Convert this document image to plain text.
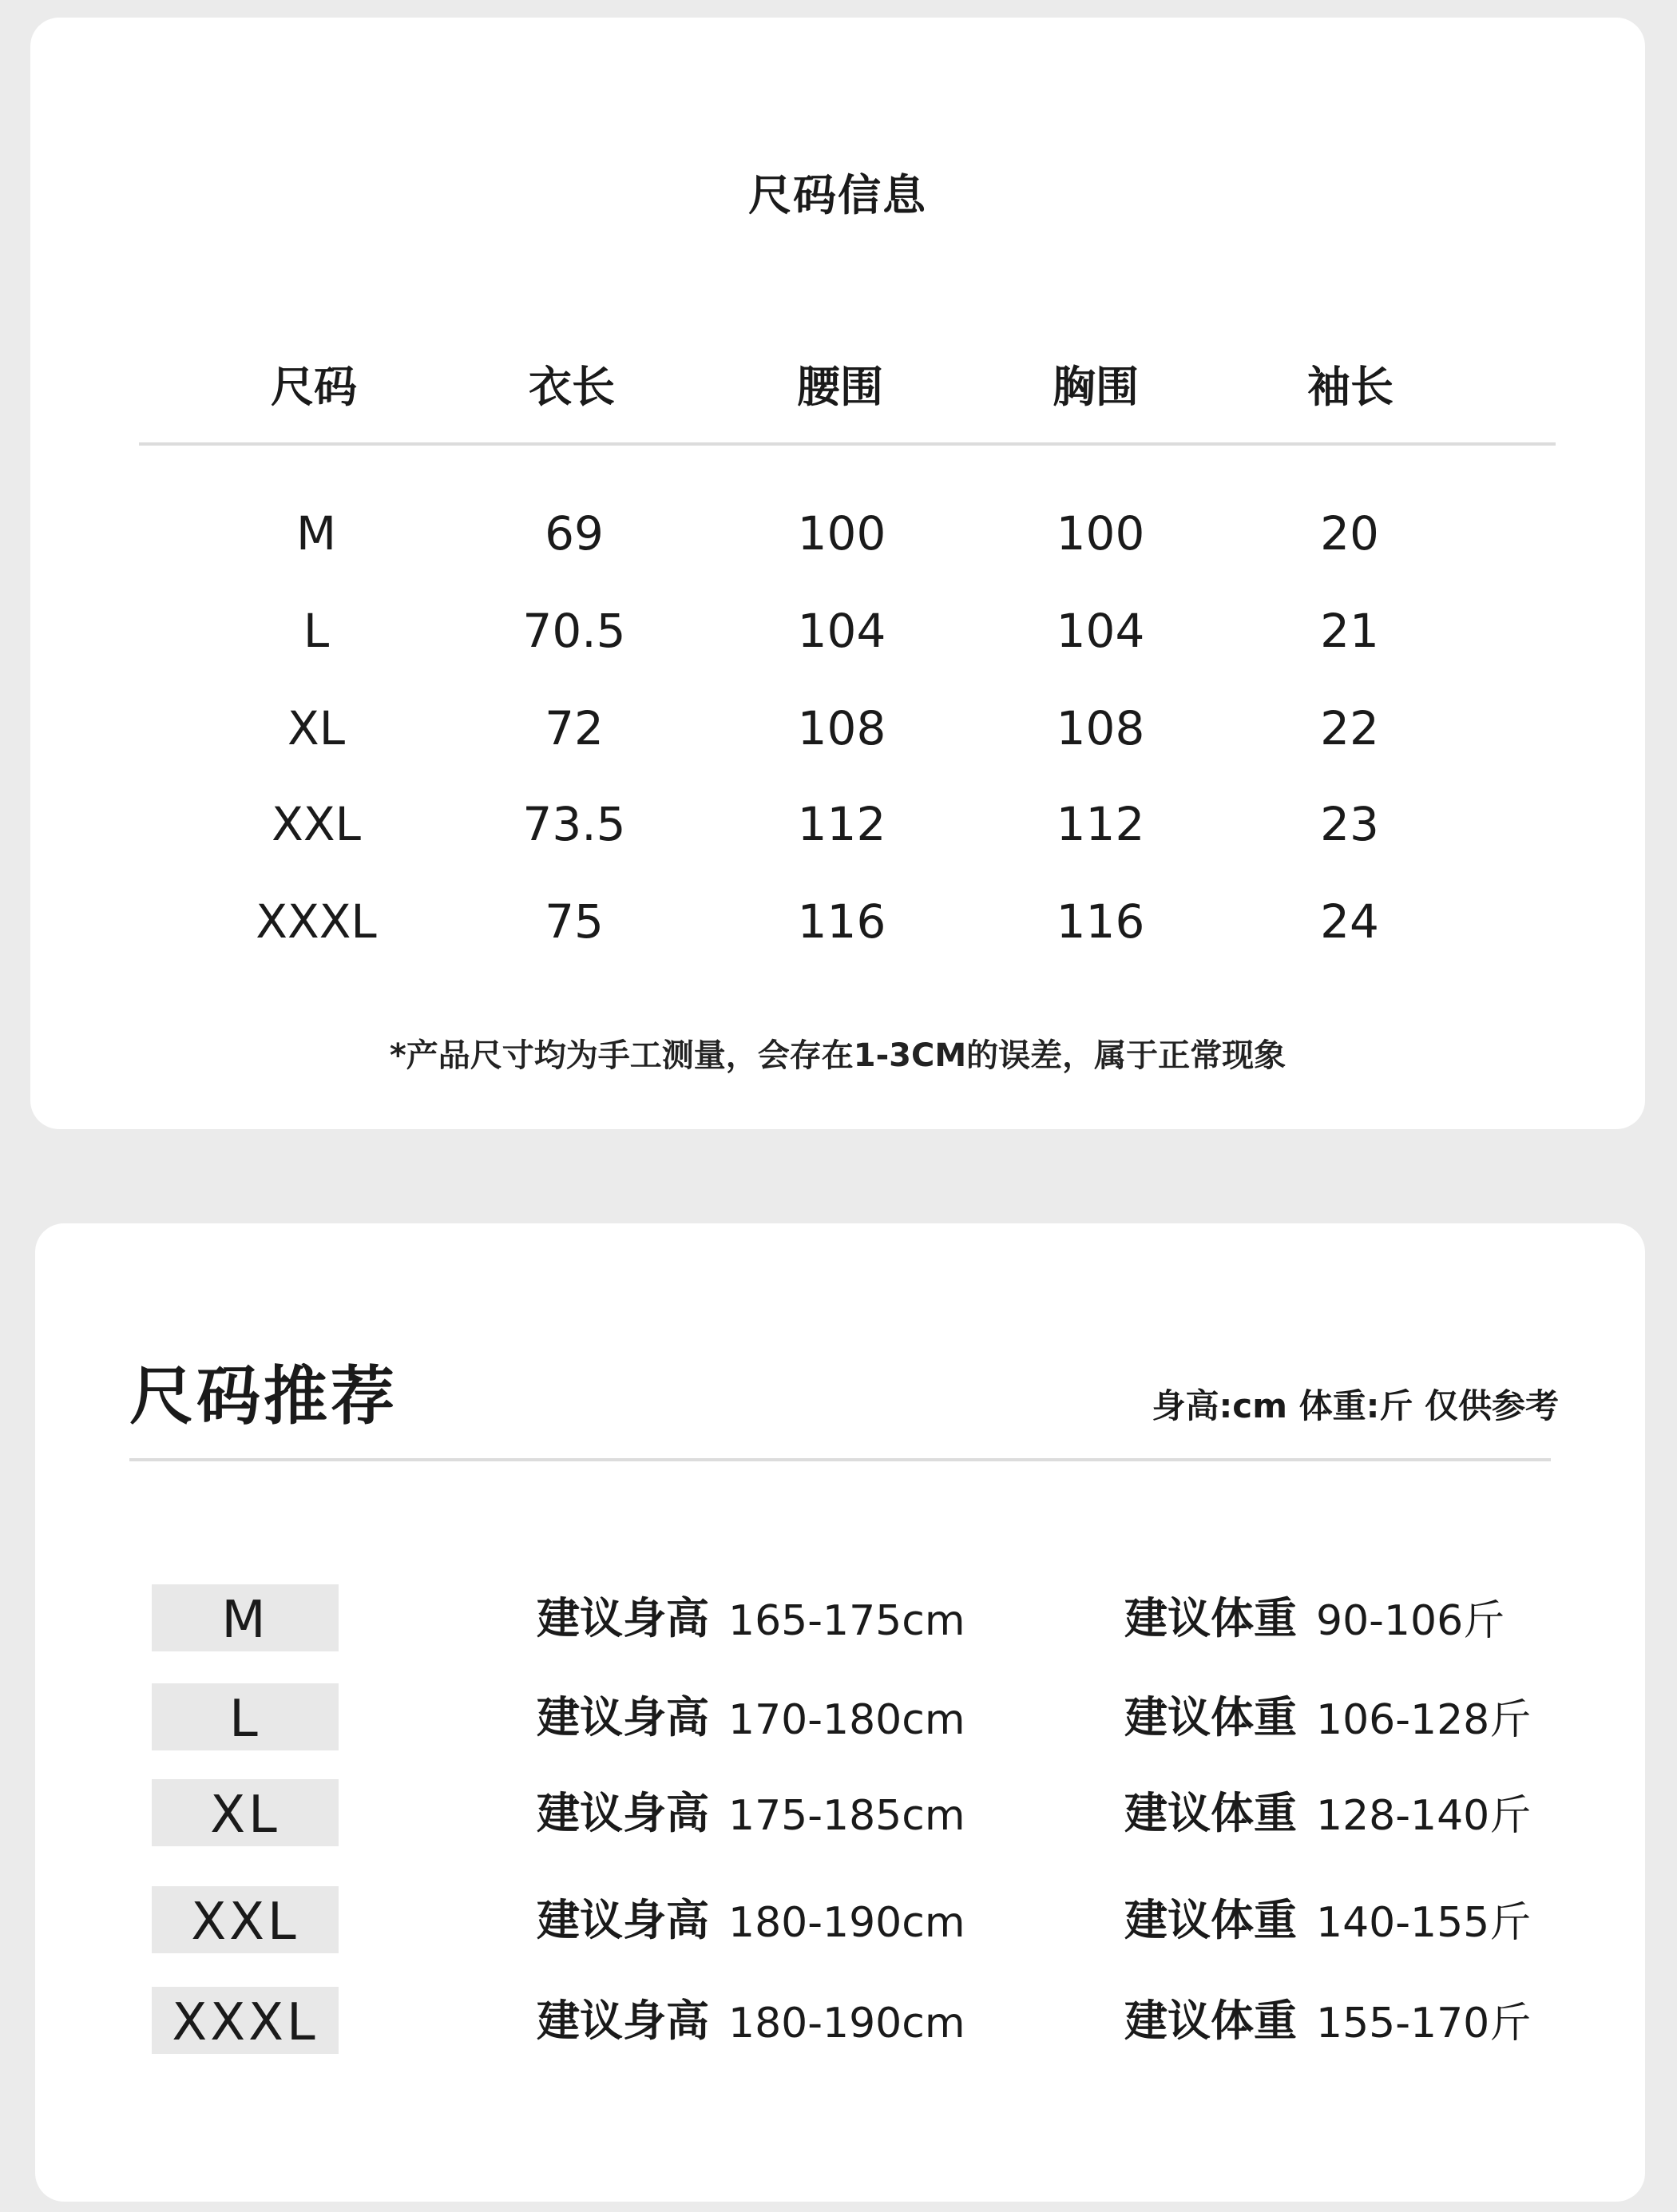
尺码信息
尺码	衣长	腰围	胸围	袖长
M	69	100	100	20
L	70.5	104	104	21
XL	72	108	108	22
XXL	73.5	112	112	23
XXXL	75	116	116	24
*产品尺寸均为手工测量，会存在1-3CM的误差，属于正常现象
尺码推荐	身高:cm 体重:斤 仅供参考
M	建议身高 165-175cm	建议体重 90-106斤
L	建议身高 170-180cm	建议体重 106-128斤
XL	建议身高 175-185cm	建议体重 128-140斤
XXL	建议身高 180-190cm	建议体重 140-155斤
XXXL	建议身高 180-190cm	建议体重 155-170斤
